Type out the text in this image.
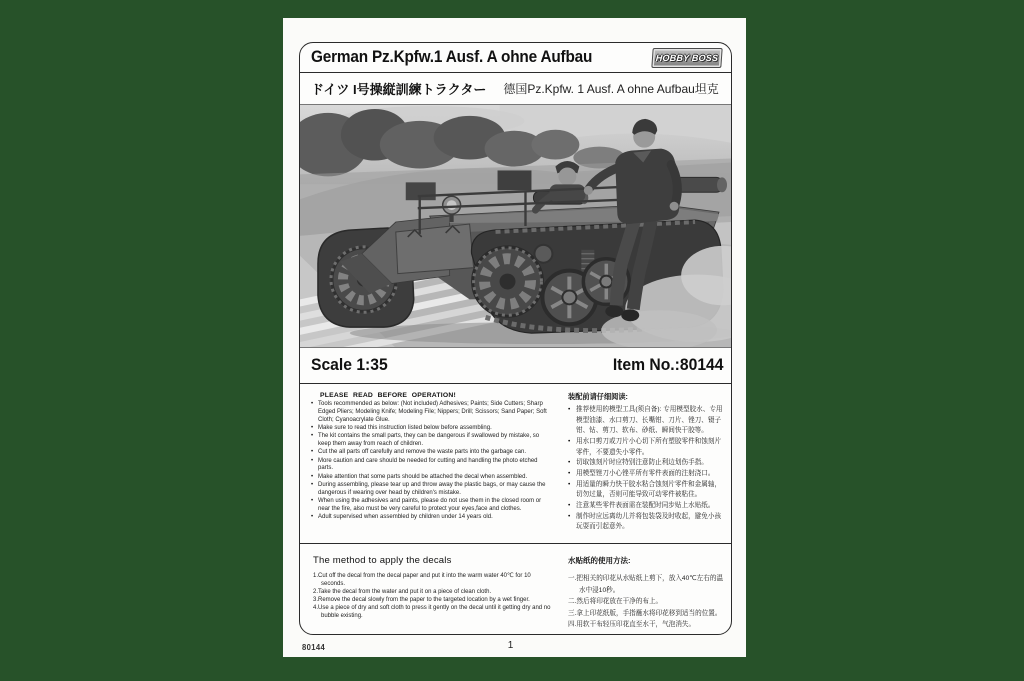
German Pz.Kpfw.1 Ausf. A ohne Aufbau	HOBBY BOSS
ドイツ I号操縦訓練トラクター 德国Pz.Kpfw. 1 Ausf. A ohne Aufbau坦克
Scale 1:35	Item No.:80144

PLEASE READ BEFORE OPERATION!

• Tools recommended as below: (Not included) Adhesives; Paints; Side Cutters; Sharp Edged Pliers; Modeling Knife; Modeling File; Nippers; Drill; Scissors; Sand Paper; Soft Cloth; Cyanoacrylate Glue.
• Make sure to read this instruction listed below before assembling.
• The kit contains the small parts, they can be dangerous if swallowed by mistake, so keep them away from reach of children.
• Cut the all parts off carefully and remove the waste parts into the garbage can.
• More caution and care should be needed for cutting and handling the photo etched parts.
• Make attention that some parts should be attached the decal when assembled.
• During assembling, please tear up and throw away the plastic bags, or may cause the dangerous if wearing over head by children's mistake.
• When using the adhesives and paints, please do not use them in the closed room or near the fire, also must be very careful to protect your eyes,face and clothes.
• Adult supervised when assembled by children under 14 years old.

装配前请仔细阅读:

• 推荐使用的模型工具(须自备): 专用模型胶水、专用模型油漆、水口剪刀、长嘴钳、刀片、锉刀、镊子钳、钻、剪刀、软布、砂纸、瞬间快干胶等。
• 用水口剪刀或刀片小心切下所有塑胶零件和蚀刻片零件，不要遗失小零件。
• 切取蚀刻片时应特别注意防止利边划伤手指。
• 用模型锉刀小心锉平所有零件表面的注射浇口。
• 用适量的瞬力快干胶水粘合蚀刻片零件和金属轴，切勿过量，否则可能导致可动零件被粘住。
• 注意某些零件表面需在装配时同步贴上水贴纸。
• 制作时应远离幼儿并将包装袋及时收起，避免小孩玩耍而引起意外。

The method to apply the decals

1.Cut off the decal from the decal paper and put it into the warm water 40℃ for 10 seconds.
2.Take the decal from the water and put it on a piece of clean cloth.
3.Remove the decal slowly from the paper to the targeted location by a wet finger.
4.Use a piece of dry and soft cloth to press it gently on the decal until it getting dry and no bubble existing.

水贴纸的使用方法:

一.把相关的印花从水贴纸上剪下，放入40℃左右的温水中浸10秒。
二.然后将印花放在干净的布上。
三.拿上印花纸版，手指蘸水将印花移到适当的位置。
四.用软干布轻压印花直至水干，气泡消失。
80144	1
